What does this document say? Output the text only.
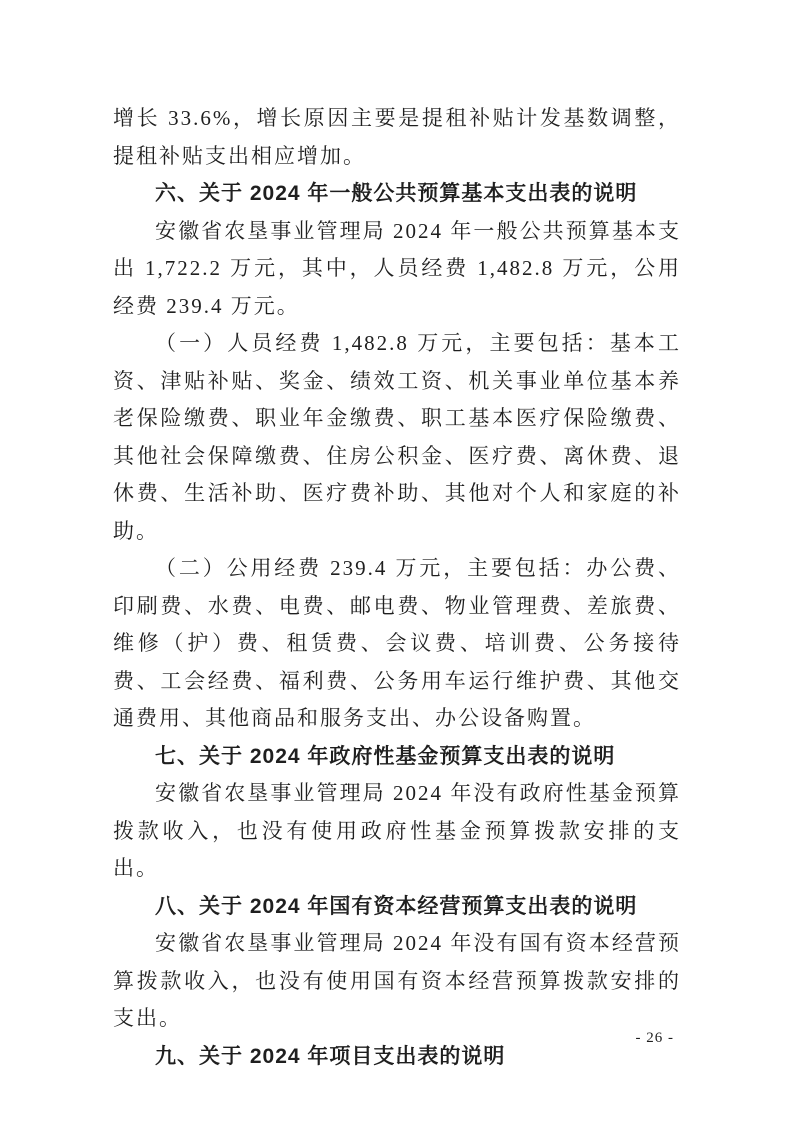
增长 33.6%，增长原因主要是提租补贴计发基数调整，提租补贴支出相应增加。
六、关于 2024 年一般公共预算基本支出表的说明
安徽省农垦事业管理局 2024 年一般公共预算基本支出 1,722.2 万元，其中，人员经费 1,482.8 万元，公用经费 239.4 万元。
（一）人员经费 1,482.8 万元，主要包括：基本工资、津贴补贴、奖金、绩效工资、机关事业单位基本养老保险缴费、职业年金缴费、职工基本医疗保险缴费、其他社会保障缴费、住房公积金、医疗费、离休费、退休费、生活补助、医疗费补助、其他对个人和家庭的补助。
（二）公用经费 239.4 万元，主要包括：办公费、印刷费、水费、电费、邮电费、物业管理费、差旅费、维修（护）费、租赁费、会议费、培训费、公务接待费、工会经费、福利费、公务用车运行维护费、其他交通费用、其他商品和服务支出、办公设备购置。
七、关于 2024 年政府性基金预算支出表的说明
安徽省农垦事业管理局 2024 年没有政府性基金预算拨款收入，也没有使用政府性基金预算拨款安排的支出。
八、关于 2024 年国有资本经营预算支出表的说明
安徽省农垦事业管理局 2024 年没有国有资本经营预算拨款收入，也没有使用国有资本经营预算拨款安排的支出。
九、关于 2024 年项目支出表的说明
- 26 -
